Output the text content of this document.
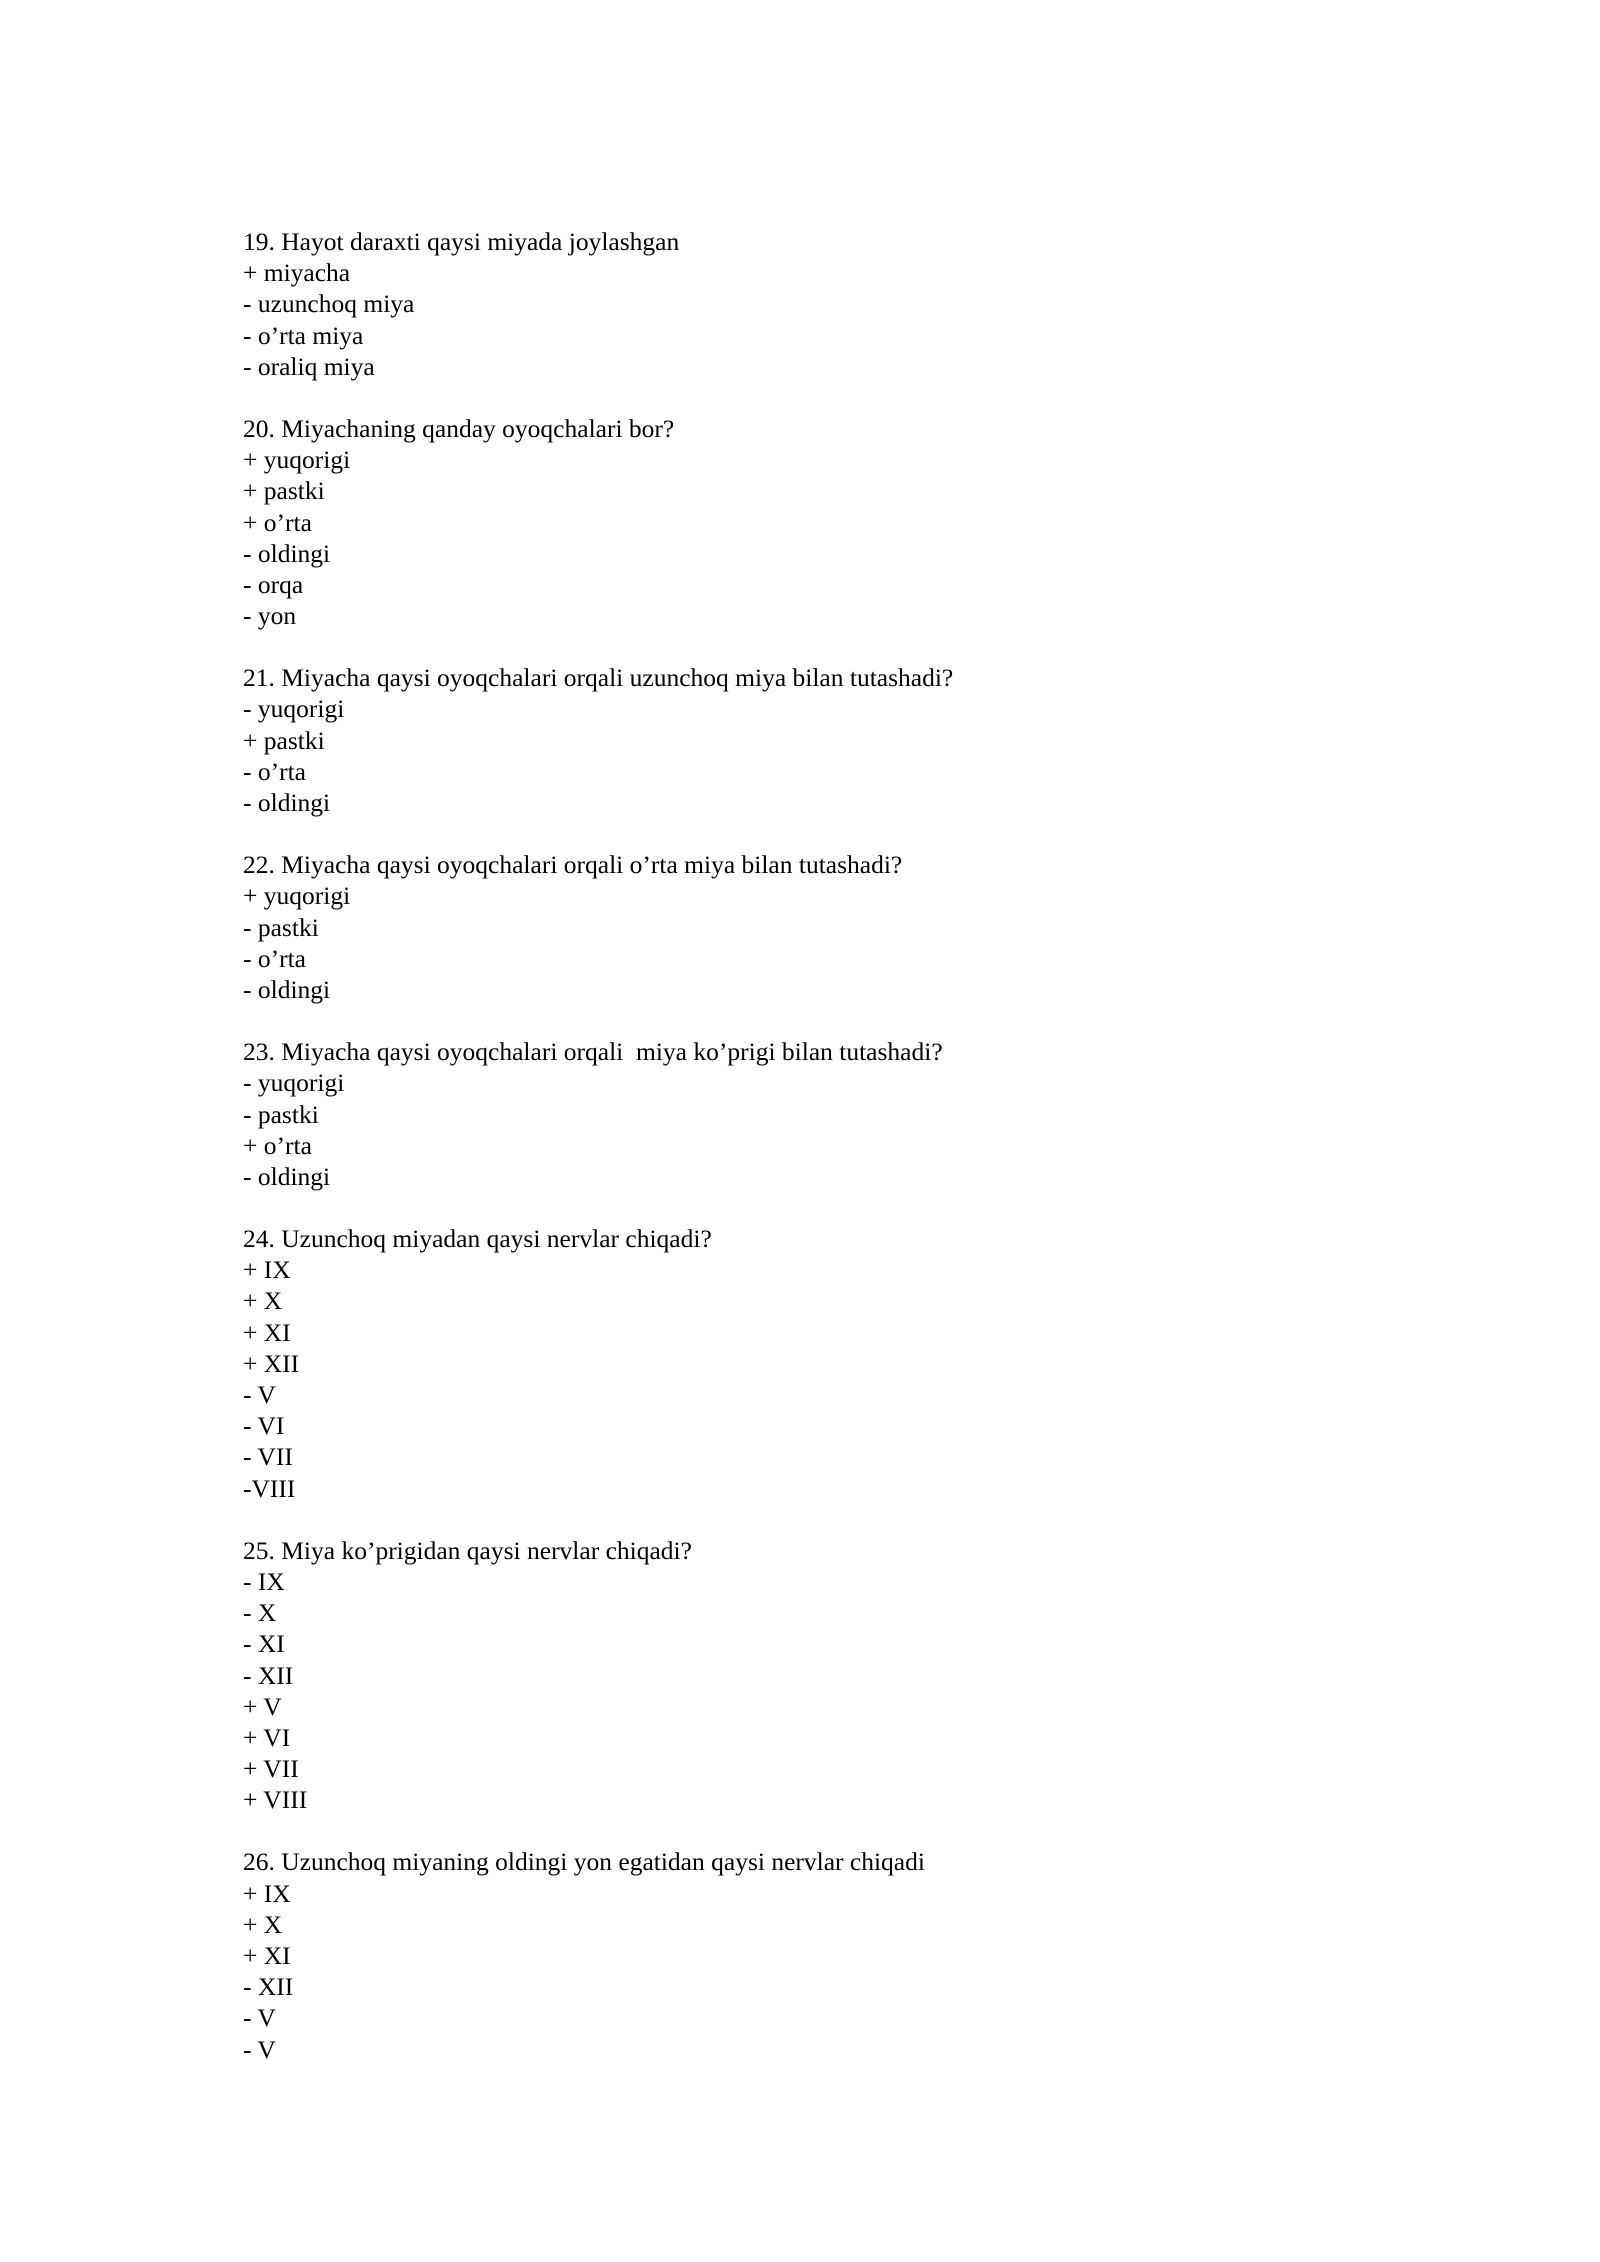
19. Hayot daraxti qaysi miyada joylashgan
+ miyacha
- uzunchoq miya
- o’rta miya
- oraliq miya
20. Miyachaning qanday oyoqchalari bor?
+ yuqorigi
+ pastki
+ o’rta
- oldingi
- orqa
- yon
21. Miyacha qaysi oyoqchalari orqali uzunchoq miya bilan tutashadi?
- yuqorigi
+ pastki
- o’rta
- oldingi
22. Miyacha qaysi oyoqchalari orqali o’rta miya bilan tutashadi?
+ yuqorigi
- pastki
- o’rta
- oldingi
23. Miyacha qaysi oyoqchalari orqali  miya ko’prigi bilan tutashadi?
- yuqorigi
- pastki
+ o’rta
- oldingi
24. Uzunchoq miyadan qaysi nervlar chiqadi?
+ IX
+ X
+ XI
+ XII
- V
- VI
- VII
-VIII
25. Miya ko’prigidan qaysi nervlar chiqadi?
- IX
- X
- XI
- XII
+ V
+ VI
+ VII
+ VIII
26. Uzunchoq miyaning oldingi yon egatidan qaysi nervlar chiqadi
+ IX
+ X
+ XI
- XII
- V
- V
